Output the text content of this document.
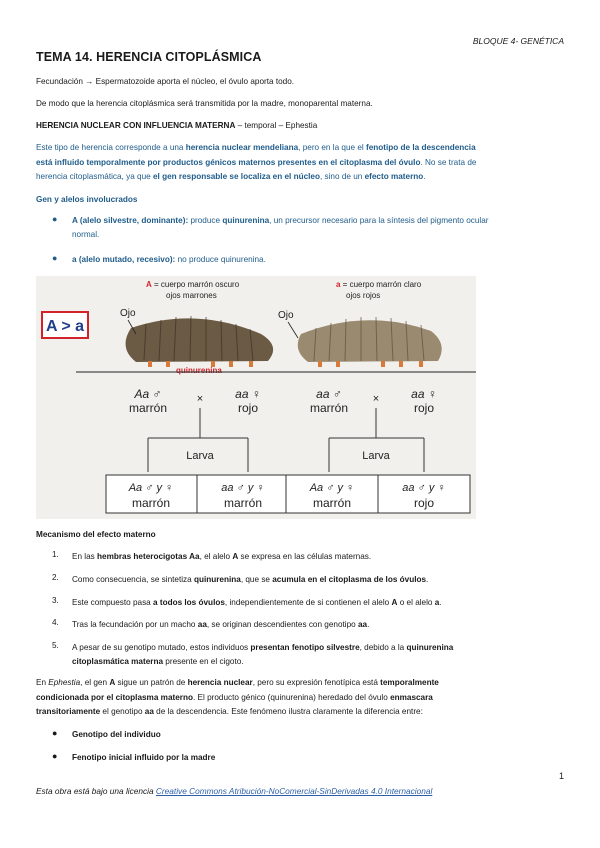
BLOQUE 4- GENÉTICA
TEMA 14. HERENCIA CITOPLÁSMICA
Fecundación → Espermatozoide aporta el núcleo, el óvulo aporta todo.
De modo que la herencia citoplásmica será transmitida por la madre, monoparental materna.
HERENCIA NUCLEAR CON INFLUENCIA MATERNA – temporal – Ephestia
Este tipo de herencia corresponde a una herencia nuclear mendeliana, pero en la que el fenotipo de la descendencia
está influido temporalmente por productos génicos maternos presentes en el citoplasma del óvulo. No se trata de
herencia citoplasmática, ya que el gen responsable se localiza en el núcleo, sino de un efecto materno.
Gen y alelos involucrados
● A (alelo silvestre, dominante): produce quinurenina, un precursor necesario para la síntesis del pigmento ocular
normal.
● a (alelo mutado, recesivo): no produce quinurenina.
A > a
A = cuerpo marrón oscuro
ojos marrones
a = cuerpo marrón claro
ojos rojos
Ojo	Ojo
quinurenina
Aa ♂
marrón
×	aa ♀
rojo
aa ♂
marrón
×	aa ♀
rojo
Larva	Larva
Aa ♂ y ♀
marrón
aa ♂ y ♀
marrón
Aa ♂ y ♀
marrón
aa ♂ y ♀
rojo
Mecanismo del efecto materno
1. En las hembras heterocigotas Aa, el alelo A se expresa en las células maternas.
2. Como consecuencia, se sintetiza quinurenina, que se acumula en el citoplasma de los óvulos.
3. Este compuesto pasa a todos los óvulos, independientemente de si contienen el alelo A o el alelo a.
4. Tras la fecundación por un macho aa, se originan descendientes con genotipo aa.
5. A pesar de su genotipo mutado, estos individuos presentan fenotipo silvestre, debido a la quinurenina
citoplasmática materna presente en el cigoto.
En Ephestia, el gen A sigue un patrón de herencia nuclear, pero su expresión fenotípica está temporalmente
condicionada por el citoplasma materno. El producto génico (quinurenina) heredado del óvulo enmascara
transitoriamente el genotipo aa de la descendencia. Este fenómeno ilustra claramente la diferencia entre:
● Genotipo del individuo
● Fenotipo inicial influido por la madre
1
Esta obra está bajo una licencia Creative Commons Atribución-NoComercial-SinDerivadas 4.0 Internacional
